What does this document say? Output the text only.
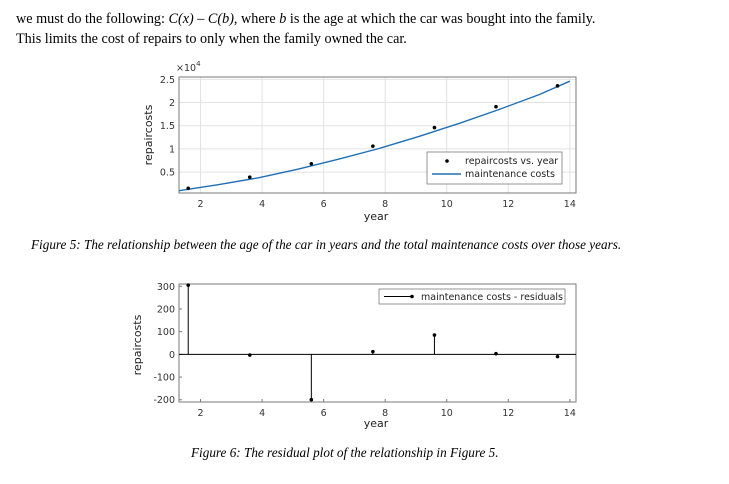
we must do the following: C(x) – C(b), where b is the age at which the car was bought into the family.
This limits the cost of repairs to only when the family owned the car.
2	4	6	8	10	12	14
0.5
1
1.5
2
2.5
$\times 10^4$
year
repaircosts	repaircosts vs. year
maintenance costs
Figure 5: The relationship between the age of the car in years and the total maintenance costs over those years.
2	4	6	8	10	12	14
300
200
100
0
-100
-200
year
repaircosts
maintenance costs - residuals
Figure 6: The residual plot of the relationship in Figure 5.
